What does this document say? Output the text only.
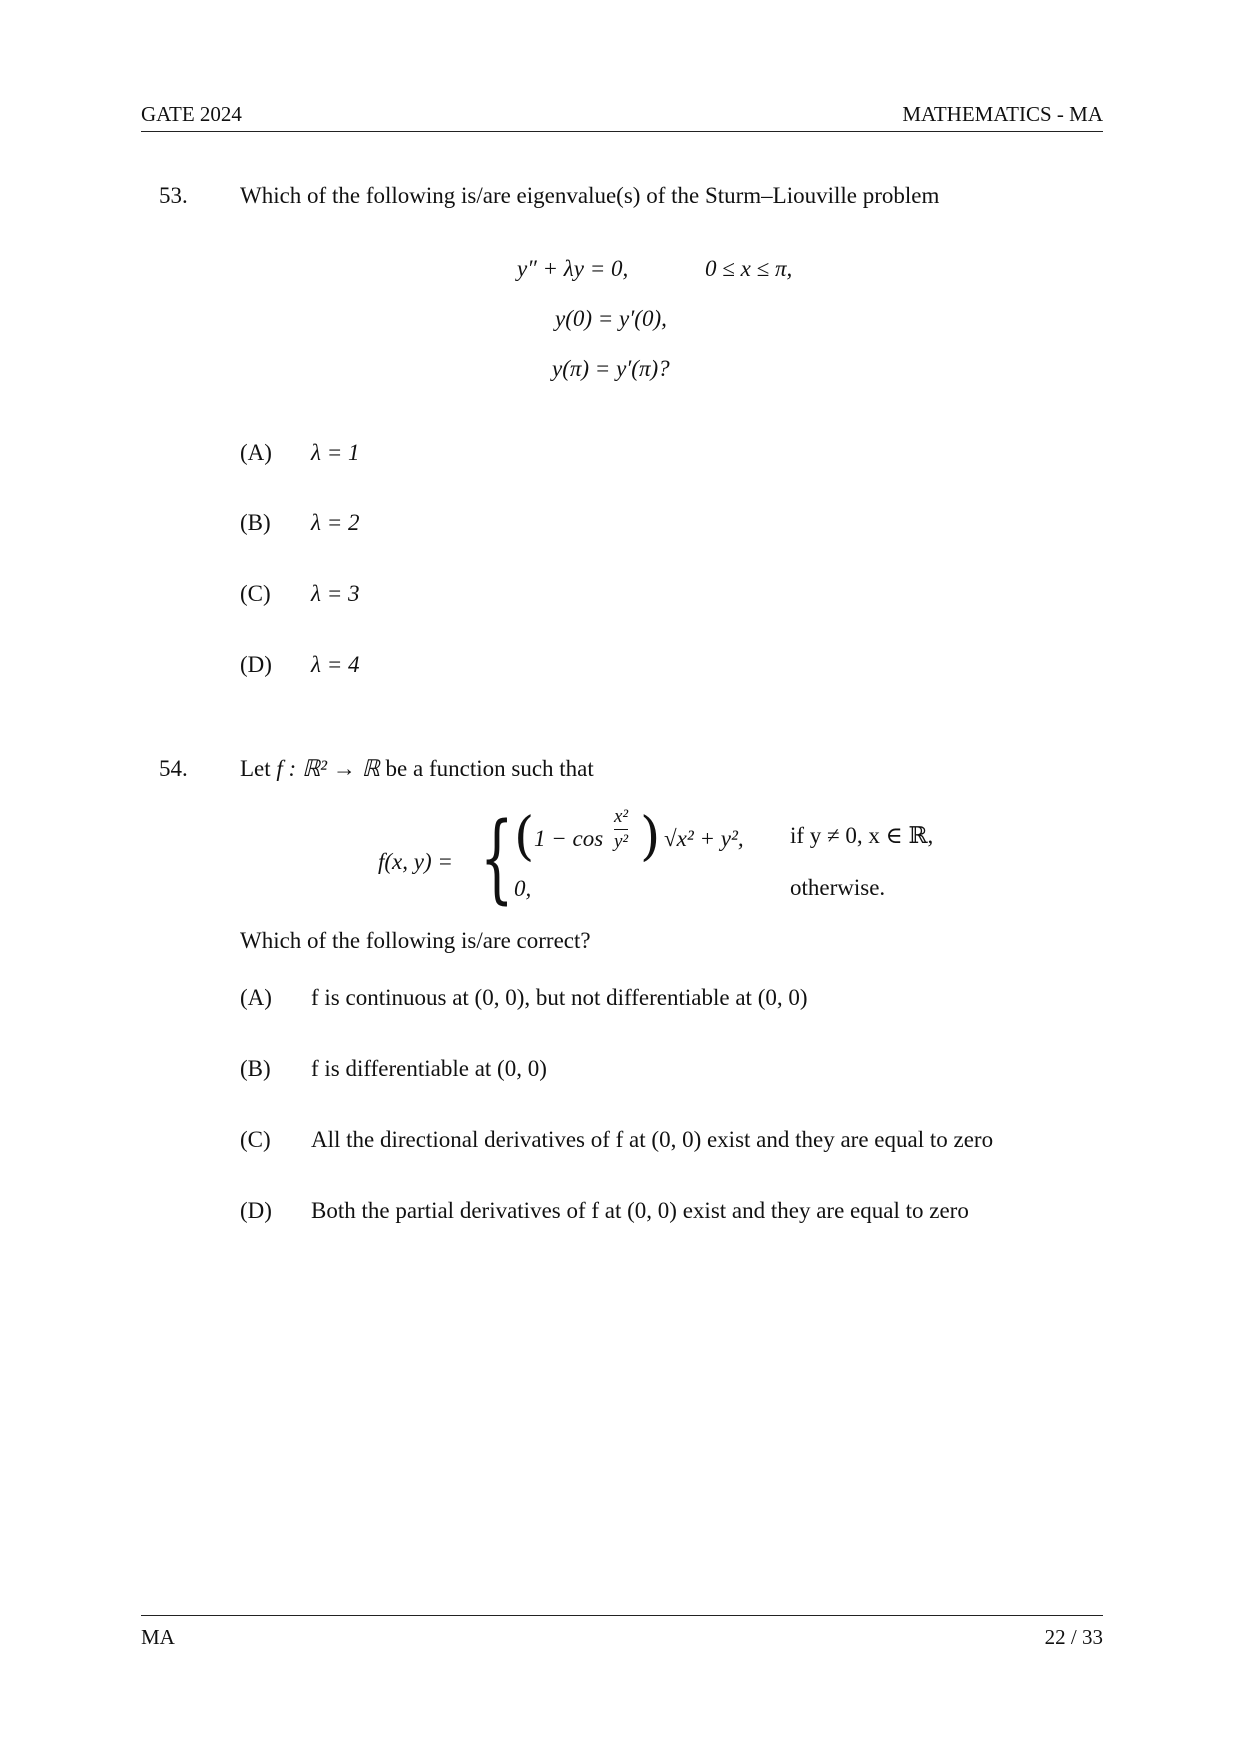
GATE 2024	MATHEMATICS - MA
53. Which of the following is/are eigenvalue(s) of the Sturm–Liouville problem
y″ + λy = 0,	0 ≤ x ≤ π,
y(0) = y′(0),
y(π) = y′(π)?
(A) λ = 1
(B) λ = 2
(C) λ = 3
(D) λ = 4
54. Let f : ℝ² → ℝ be a function such that
f(x, y) = { ( 1 − cos
x²
y² ) √x² + y², if y ≠ 0, x ∈ ℝ,
0,	otherwise.
Which of the following is/are correct?
(A) f is continuous at (0, 0), but not differentiable at (0, 0)
(B) f is differentiable at (0, 0)
(C) All the directional derivatives of f at (0, 0) exist and they are equal to zero
(D) Both the partial derivatives of f at (0, 0) exist and they are equal to zero
MA	22 / 33
